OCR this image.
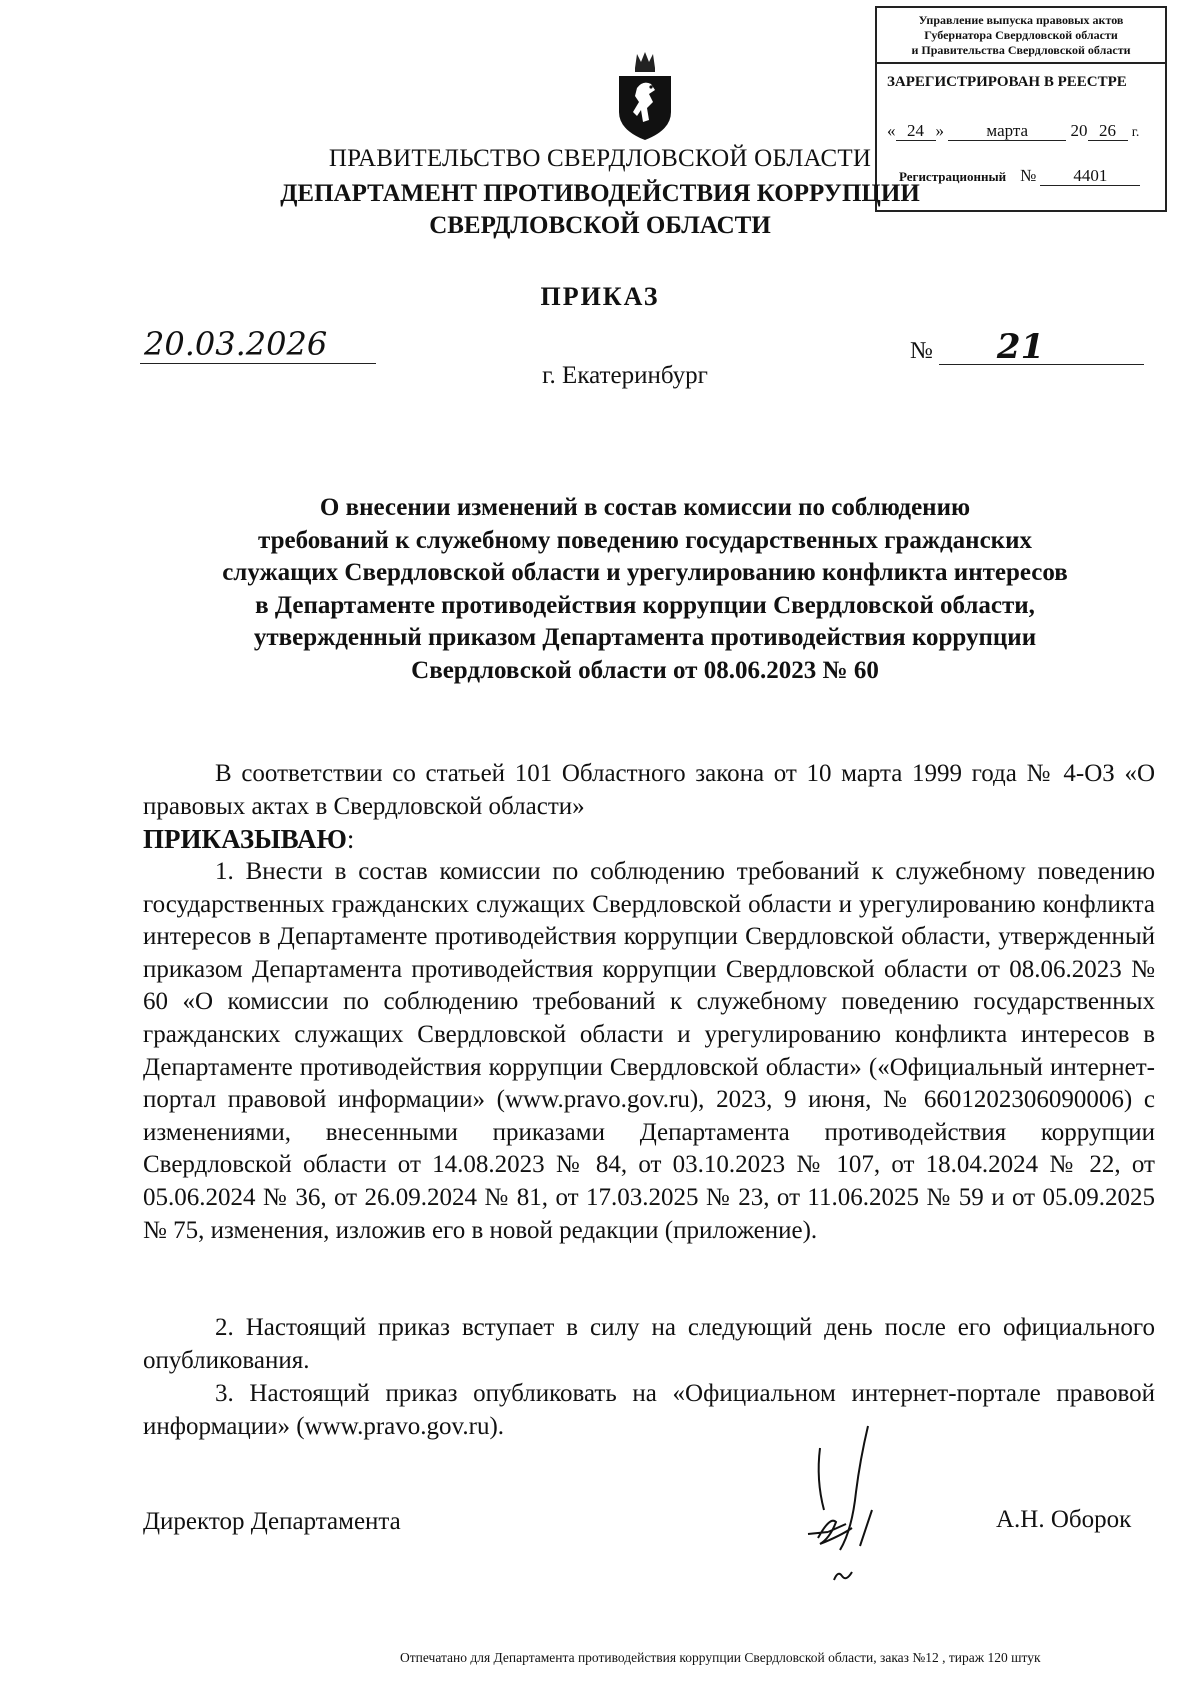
Управление выпуска правовых актов
Губернатора Свердловской области
и Правительства Свердловской области
ЗАРЕГИСТРИРОВАН В РЕЕСТРЕ
« 24 » марта 20 26 г.
Регистрационный № 4401
ПРАВИТЕЛЬСТВО СВЕРДЛОВСКОЙ ОБЛАСТИ
ДЕПАРТАМЕНТ ПРОТИВОДЕЙСТВИЯ КОРРУПЦИИ
СВЕРДЛОВСКОЙ ОБЛАСТИ
ПРИКАЗ
20.03.2026	№ 21
г. Екатеринбург
О внесении изменений в состав комиссии по соблюдению
требований к служебному поведению государственных гражданских
служащих Свердловской области и урегулированию конфликта интересов
в Департаменте противодействия коррупции Свердловской области,
утвержденный приказом Департамента противодействия коррупции
Свердловской области от 08.06.2023 № 60
В соответствии со статьей 101 Областного закона от 10 марта 1999 года № 4-ОЗ «О правовых актах в Свердловской области»
ПРИКАЗЫВАЮ:
1. Внести в состав комиссии по соблюдению требований к служебному поведению государственных гражданских служащих Свердловской области и урегулированию конфликта интересов в Департаменте противодействия коррупции Свердловской области, утвержденный приказом Департамента противодействия коррупции Свердловской области от 08.06.2023 № 60 «О комиссии по соблюдению требований к служебному поведению государственных гражданских служащих Свердловской области и урегулированию конфликта интересов в Департаменте противодействия коррупции Свердловской области» («Официальный интернет-портал правовой информации» (www.pravo.gov.ru), 2023, 9 июня, № 6601202306090006) с изменениями, внесенными приказами Департамента противодействия коррупции Свердловской области от 14.08.2023 № 84, от 03.10.2023 № 107, от 18.04.2024 № 22, от 05.06.2024 № 36, от 26.09.2024 № 81, от 17.03.2025 № 23, от 11.06.2025 № 59 и от 05.09.2025 № 75, изменения, изложив его в новой редакции (приложение).
2. Настоящий приказ вступает в силу на следующий день после его официального опубликования.
3. Настоящий приказ опубликовать на «Официальном интернет-портале правовой информации» (www.pravo.gov.ru).
Директор Департамента	А.Н. Оборок
Отпечатано для Департамента противодействия коррупции Свердловской области, заказ №12 , тираж 120 штук
